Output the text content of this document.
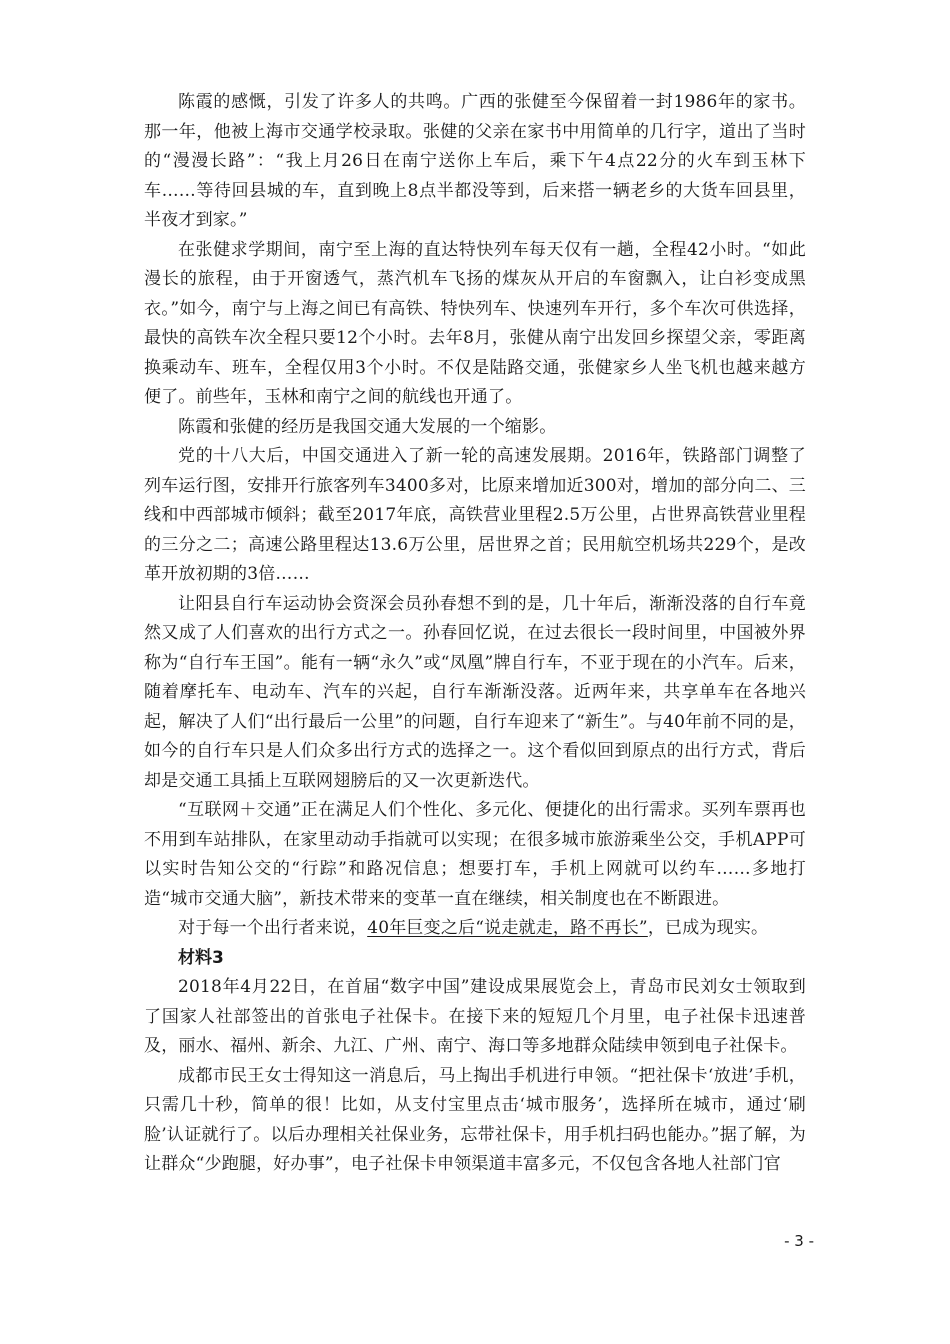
陈霞的感慨，引发了许多人的共鸣。广西的张健至今保留着一封1986年的家书。那一年，他被上海市交通学校录取。张健的父亲在家书中用简单的几行字，道出了当时的“漫漫长路”：“我上月26日在南宁送你上车后，乘下午4点22分的火车到玉林下车……等待回县城的车，直到晚上8点半都没等到，后来搭一辆老乡的大货车回县里，半夜才到家。”

在张健求学期间，南宁至上海的直达特快列车每天仅有一趟，全程42小时。“如此漫长的旅程，由于开窗透气，蒸汽机车飞扬的煤灰从开启的车窗飘入，让白衫变成黑衣。”如今，南宁与上海之间已有高铁、特快列车、快速列车开行，多个车次可供选择，最快的高铁车次全程只要12个小时。去年8月，张健从南宁出发回乡探望父亲，零距离换乘动车、班车，全程仅用3个小时。不仅是陆路交通，张健家乡人坐飞机也越来越方便了。前些年，玉林和南宁之间的航线也开通了。

陈霞和张健的经历是我国交通大发展的一个缩影。

党的十八大后，中国交通进入了新一轮的高速发展期。2016年，铁路部门调整了列车运行图，安排开行旅客列车3400多对，比原来增加近300对，增加的部分向二、三线和中西部城市倾斜；截至2017年底，高铁营业里程2.5万公里，占世界高铁营业里程的三分之二；高速公路里程达13.6万公里，居世界之首；民用航空机场共229个，是改革开放初期的3倍……

让阳县自行车运动协会资深会员孙春想不到的是，几十年后，渐渐没落的自行车竟然又成了人们喜欢的出行方式之一。孙春回忆说，在过去很长一段时间里，中国被外界称为“自行车王国”。能有一辆“永久”或“凤凰”牌自行车，不亚于现在的小汽车。后来，随着摩托车、电动车、汽车的兴起，自行车渐渐没落。近两年来，共享单车在各地兴起，解决了人们“出行最后一公里”的问题，自行车迎来了“新生”。与40年前不同的是，如今的自行车只是人们众多出行方式的选择之一。这个看似回到原点的出行方式，背后却是交通工具插上互联网翅膀后的又一次更新迭代。

“互联网＋交通”正在满足人们个性化、多元化、便捷化的出行需求。买列车票再也不用到车站排队，在家里动动手指就可以实现；在很多城市旅游乘坐公交，手机APP可以实时告知公交的“行踪”和路况信息；想要打车，手机上网就可以约车……多地打造“城市交通大脑”，新技术带来的变革一直在继续，相关制度也在不断跟进。

对于每一个出行者来说，40年巨变之后“说走就走，路不再长”，已成为现实。

材料3

2018年4月22日，在首届“数字中国”建设成果展览会上，青岛市民刘女士领取到了国家人社部签出的首张电子社保卡。在接下来的短短几个月里，电子社保卡迅速普及，丽水、福州、新余、九江、广州、南宁、海口等多地群众陆续申领到电子社保卡。

成都市民王女士得知这一消息后，马上掏出手机进行申领。“把社保卡‘放进’手机，只需几十秒，简单的很！比如，从支付宝里点击‘城市服务’，选择所在城市，通过‘刷脸’认证就行了。以后办理相关社保业务，忘带社保卡，用手机扫码也能办。”据了解，为让群众“少跑腿，好办事”，电子社保卡申领渠道丰富多元，不仅包含各地人社部门官

- 3 -
